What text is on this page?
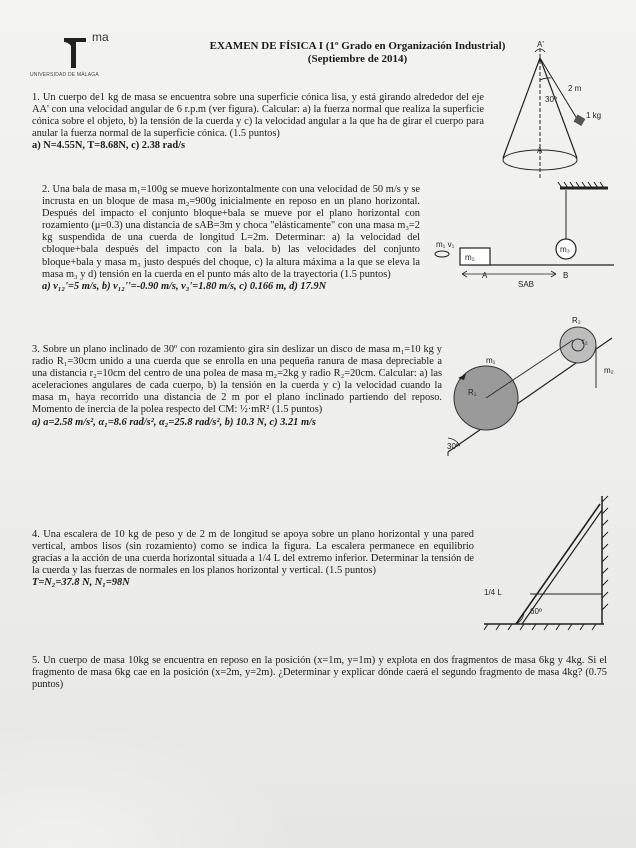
ma
UNIVERSIDAD DE MÁLAGA
EXAMEN DE FÍSICA I (1º Grado en Organización Industrial)
(Septiembre de 2014)
1. Un cuerpo de1 kg de masa se encuentra sobre una superficie cónica lisa, y está girando alrededor del eje AA' con una velocidad angular de 6 r.p.m (ver figura). Calcular: a) la fuerza normal que realiza la superficie cónica sobre el objeto, b) la tensión de la cuerda y c) la velocidad angular a la que ha de girar el cuerpo para anular la fuerza normal de la superficie cónica. (1.5 puntos)
a) N=4.55N, T=8.68N, c) 2.38 rad/s
A'
A
2 m
30º
1 kg
2. Una bala de masa m₁=100g se mueve horizontalmente con una velocidad de 50 m/s y se incrusta en un bloque de masa m₂=900g inicialmente en reposo en un plano horizontal. Después del impacto el conjunto bloque+bala se mueve por el plano horizontal con rozamiento (μ=0.3) una distancia de sAB=3m y choca "elásticamente" con una masa m₃=2 kg suspendida de una cuerda de longitud L=2m. Determinar: a) la velocidad del cbloque+bala después del impacto con la bala. b) las velocidades del conjunto bloque+bala y masa m₃ justo después del choque, c) la altura máxima a la que se eleva la masa m₃ y d) tensión en la cuerda en el punto más alto de la trayectoria (1.5 puntos)
a) v₁₂'=5 m/s, b) v₁₂''=-0.90 m/s, v₃'=1.80 m/s, c) 0.166 m, d) 17.9N
m₁ v₁
m₂
m₃
A	B
SAB
3. Sobre un plano inclinado de 30º con rozamiento gira sin deslizar un disco de masa m₁=10 kg y radio R₁=30cm unido a una cuerda que se enrolla en una pequeña ranura de masa depreciable a una distancia r₂=10cm del centro de una polea de masa m₂=2kg y radio R₂=20cm. Calcular: a) las aceleraciones angulares de cada cuerpo, b) la tensión en la cuerda y c) la velocidad cuando la masa m₁ haya recorrido una distancia de 2 m por el plano inclinado partiendo del reposo. Momento de inercia de la polea respecto del CM: ½·mR² (1.5 puntos)
a) a=2.58 m/s², α₁=8.6 rad/s², α₂=25.8 rad/s², b) 10.3 N, c) 3.21 m/s
m₁
m₂
R₁
R₂
r₂
30º
4. Una escalera de 10 kg de peso y de 2 m de longitud se apoya sobre un plano horizontal y una pared vertical, ambos lisos (sin rozamiento) como se indica la figura. La escalera permanece en equilibrio gracias a la acción de una cuerda horizontal situada a 1/4 L del extremo inferior. Determinar la tensión de la cuerda y las fuerzas de normales en los planos horizontal y vertical. (1.5 puntos)
T=N₂=37.8 N, N₁=98N
1/4 L
60º
5. Un cuerpo de masa 10kg se encuentra en reposo en la posición (x=1m, y=1m) y explota en dos fragmentos de masa 6kg y 4kg. Si el fragmento de masa 6kg cae en la posición (x=2m, y=2m). ¿Determinar y explicar dónde caerá el segundo fragmento de masa 4kg? (0.75 puntos)
